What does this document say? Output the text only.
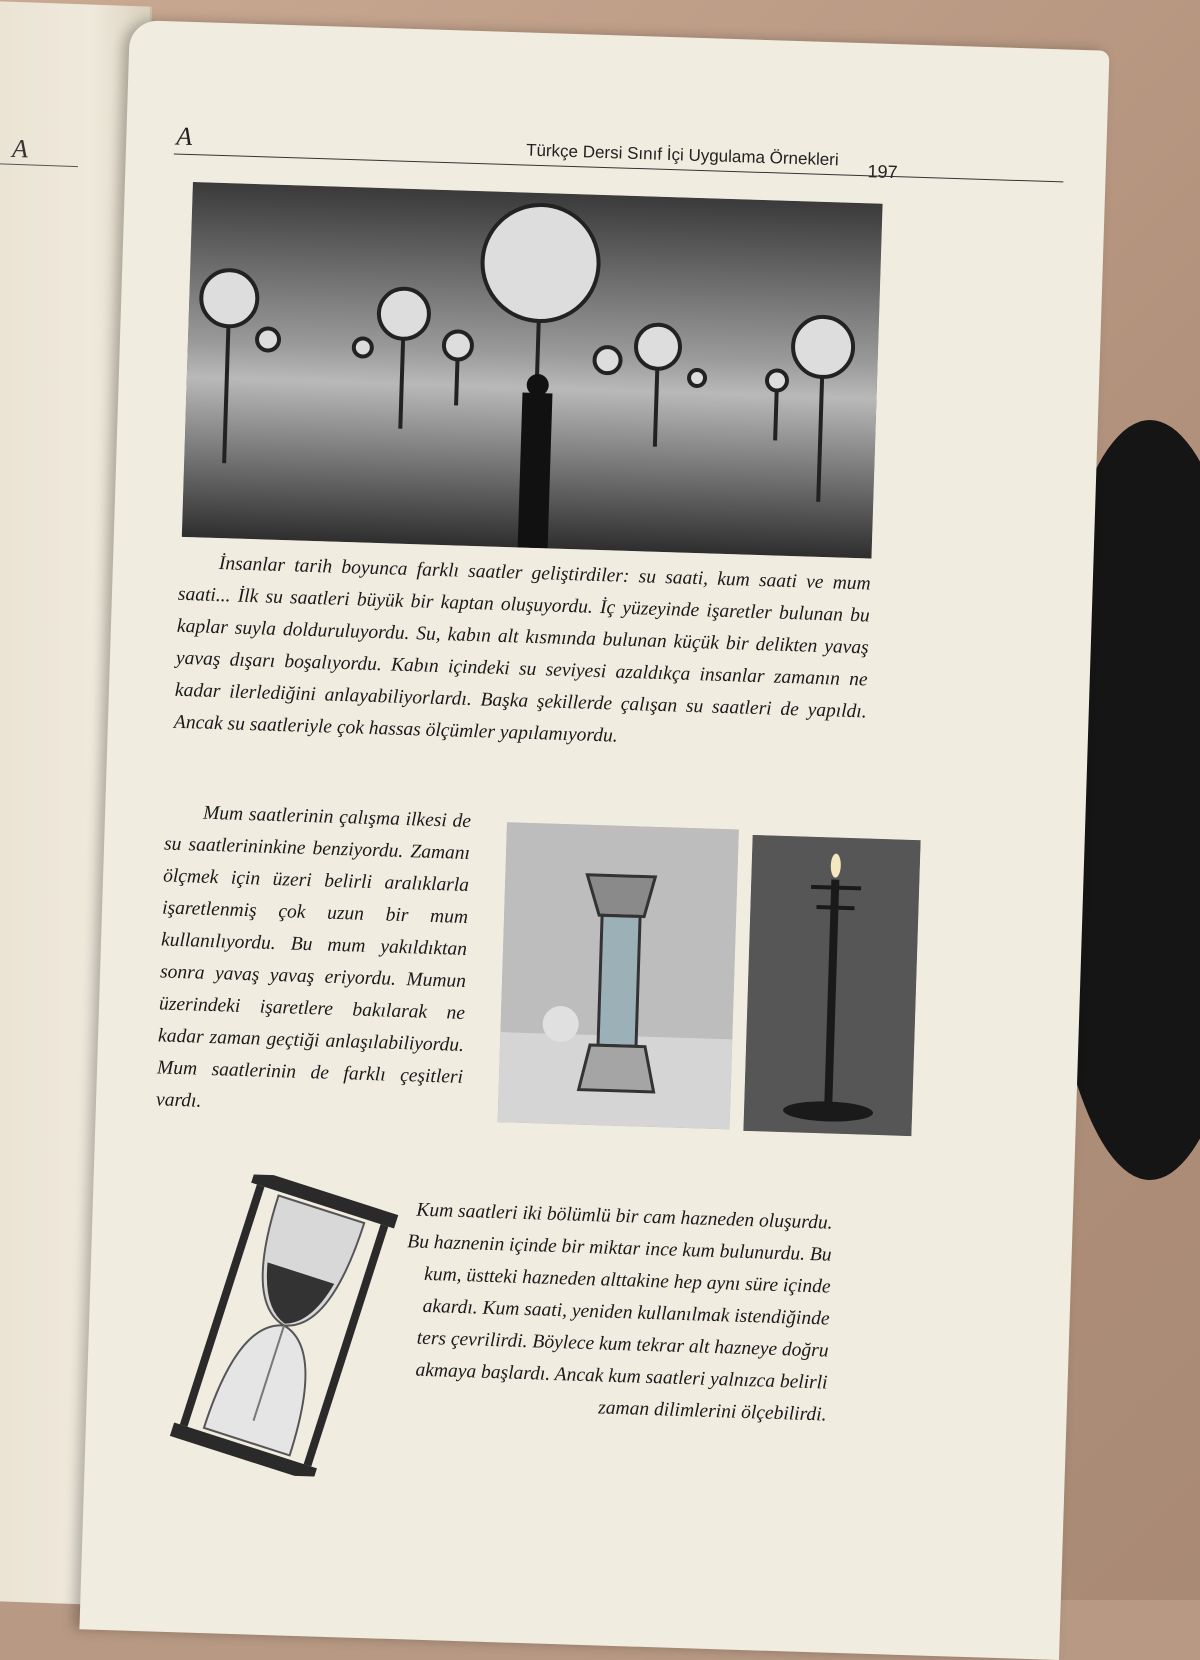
A	A
Türkçe Dersi Sınıf İçi Uygulama Örnekleri
197

İnsanlar tarih boyunca farklı saatler geliştirdiler: su saati, kum saati ve mum saati... İlk su saatleri büyük bir kaptan oluşuyordu. İç yüzeyinde işaretler bulunan bu kaplar suyla dolduruluyordu. Su, kabın alt kısmında bulunan küçük bir delikten yavaş yavaş dışarı boşalıyordu. Kabın içindeki su seviyesi azaldıkça insanlar zamanın ne kadar ilerlediğini anlayabiliyorlardı. Başka şekillerde çalışan su saatleri de yapıldı. Ancak su saatleriyle çok hassas ölçümler yapılamıyordu.

Mum saatlerinin çalışma ilkesi de su saatlerininkine benziyordu. Zamanı ölçmek için üzeri belirli aralıklarla işaretlenmiş çok uzun bir mum kullanılıyordu. Bu mum yakıldıktan sonra yavaş yavaş eriyordu. Mumun üzerindeki işaretlere bakılarak ne kadar zaman geçtiği anlaşılabiliyordu. Mum saatlerinin de farklı çeşitleri vardı.

Kum saatleri iki bölümlü bir cam hazneden oluşurdu. Bu haznenin içinde bir miktar ince kum bulunurdu. Bu kum, üstteki hazneden alttakine hep aynı süre içinde akardı. Kum saati, yeniden kullanılmak istendiğinde ters çevrilirdi. Böylece kum tekrar alt hazneye doğru akmaya başlardı. Ancak kum saatleri yalnızca belirli zaman dilimlerini ölçebilirdi.
